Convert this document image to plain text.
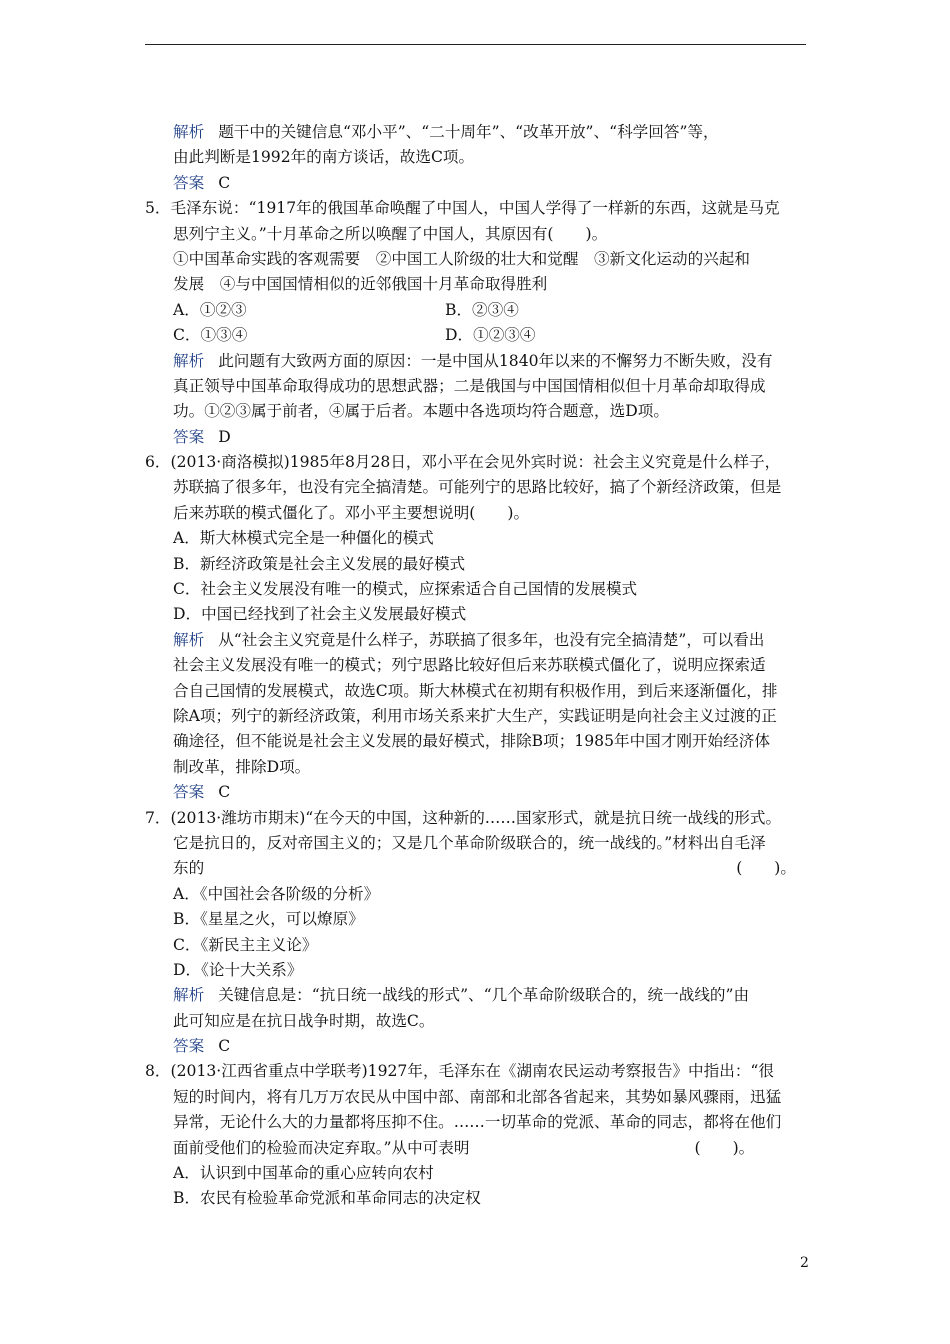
解析 题干中的关键信息“邓小平”、“二十周年”、“改革开放”、“科学回答”等，
由此判断是1992年的南方谈话，故选C项。
答案 C
5．毛泽东说：“1917年的俄国革命唤醒了中国人，中国人学得了一样新的东西，这就是马克
思列宁主义。”十月革命之所以唤醒了中国人，其原因有( )。
①中国革命实践的客观需要　②中国工人阶级的壮大和觉醒　③新文化运动的兴起和
发展　④与中国国情相似的近邻俄国十月革命取得胜利
A．①②③	B．②③④
C．①③④	D．①②③④
解析 此问题有大致两方面的原因：一是中国从1840年以来的不懈努力不断失败，没有
真正领导中国革命取得成功的思想武器；二是俄国与中国国情相似但十月革命却取得成
功。①②③属于前者，④属于后者。本题中各选项均符合题意，选D项。
答案 D
6．(2013·商洛模拟)1985年8月28日，邓小平在会见外宾时说：社会主义究竟是什么样子，
苏联搞了很多年，也没有完全搞清楚。可能列宁的思路比较好，搞了个新经济政策，但是
后来苏联的模式僵化了。邓小平主要想说明( )。
A．斯大林模式完全是一种僵化的模式
B．新经济政策是社会主义发展的最好模式
C．社会主义发展没有唯一的模式，应探索适合自己国情的发展模式
D．中国已经找到了社会主义发展最好模式
解析 从“社会主义究竟是什么样子，苏联搞了很多年，也没有完全搞清楚”，可以看出
社会主义发展没有唯一的模式；列宁思路比较好但后来苏联模式僵化了，说明应探索适
合自己国情的发展模式，故选C项。斯大林模式在初期有积极作用，到后来逐渐僵化，排
除A项；列宁的新经济政策，利用市场关系来扩大生产，实践证明是向社会主义过渡的正
确途径，但不能说是社会主义发展的最好模式，排除B项；1985年中国才刚开始经济体
制改革，排除D项。
答案 C
7．(2013·潍坊市期末)“在今天的中国，这种新的……国家形式，就是抗日统一战线的形式。
它是抗日的，反对帝国主义的；又是几个革命阶级联合的，统一战线的。”材料出自毛泽
东的	( )。
A．《中国社会各阶级的分析》
B．《星星之火，可以燎原》
C．《新民主主义论》
D．《论十大关系》
解析 关键信息是：“抗日统一战线的形式”、“几个革命阶级联合的，统一战线的”由
此可知应是在抗日战争时期，故选C。
答案 C
8．(2013·江西省重点中学联考)1927年，毛泽东在《湖南农民运动考察报告》中指出：“很
短的时间内，将有几万万农民从中国中部、南部和北部各省起来，其势如暴风骤雨，迅猛
异常，无论什么大的力量都将压抑不住。……一切革命的党派、革命的同志，都将在他们
面前受他们的检验而决定弃取。”从中可表明	( )。
A．认识到中国革命的重心应转向农村
B．农民有检验革命党派和革命同志的决定权
2
